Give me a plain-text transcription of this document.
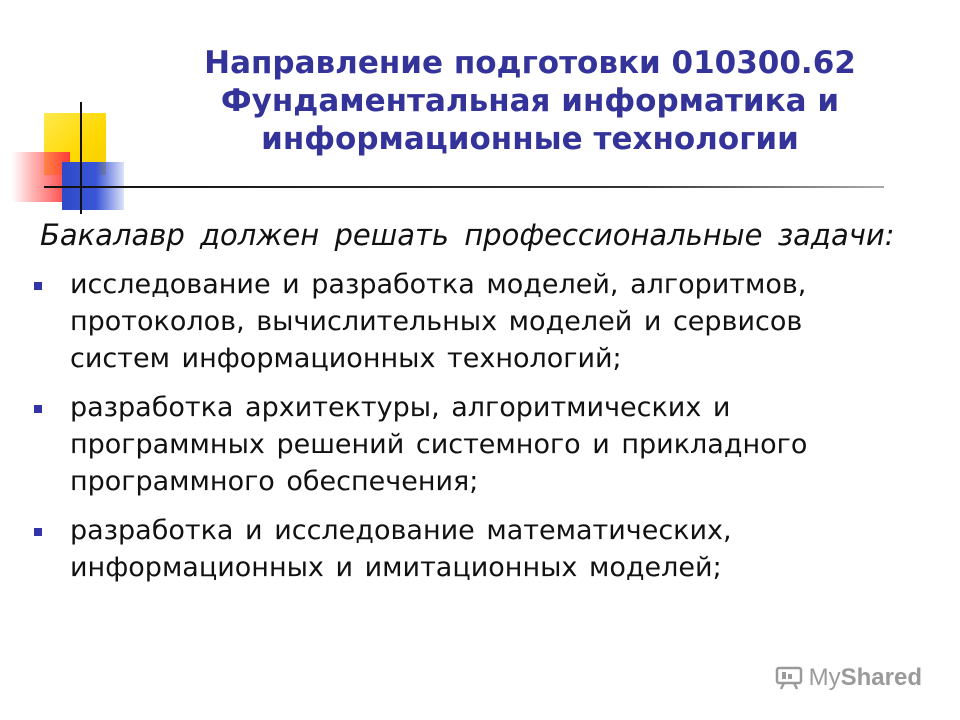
Направление подготовки 010300.62
Фундаментальная информатика и
информационные технологии
Бакалавр должен решать профессиональные задачи:
исследование и разработка моделей, алгоритмов,
протоколов, вычислительных моделей и сервисов
систем информационных технологий;
разработка архитектуры, алгоритмических и
программных решений системного и прикладного
программного обеспечения;
разработка и исследование математических,
информационных и имитационных моделей;
My Shared
